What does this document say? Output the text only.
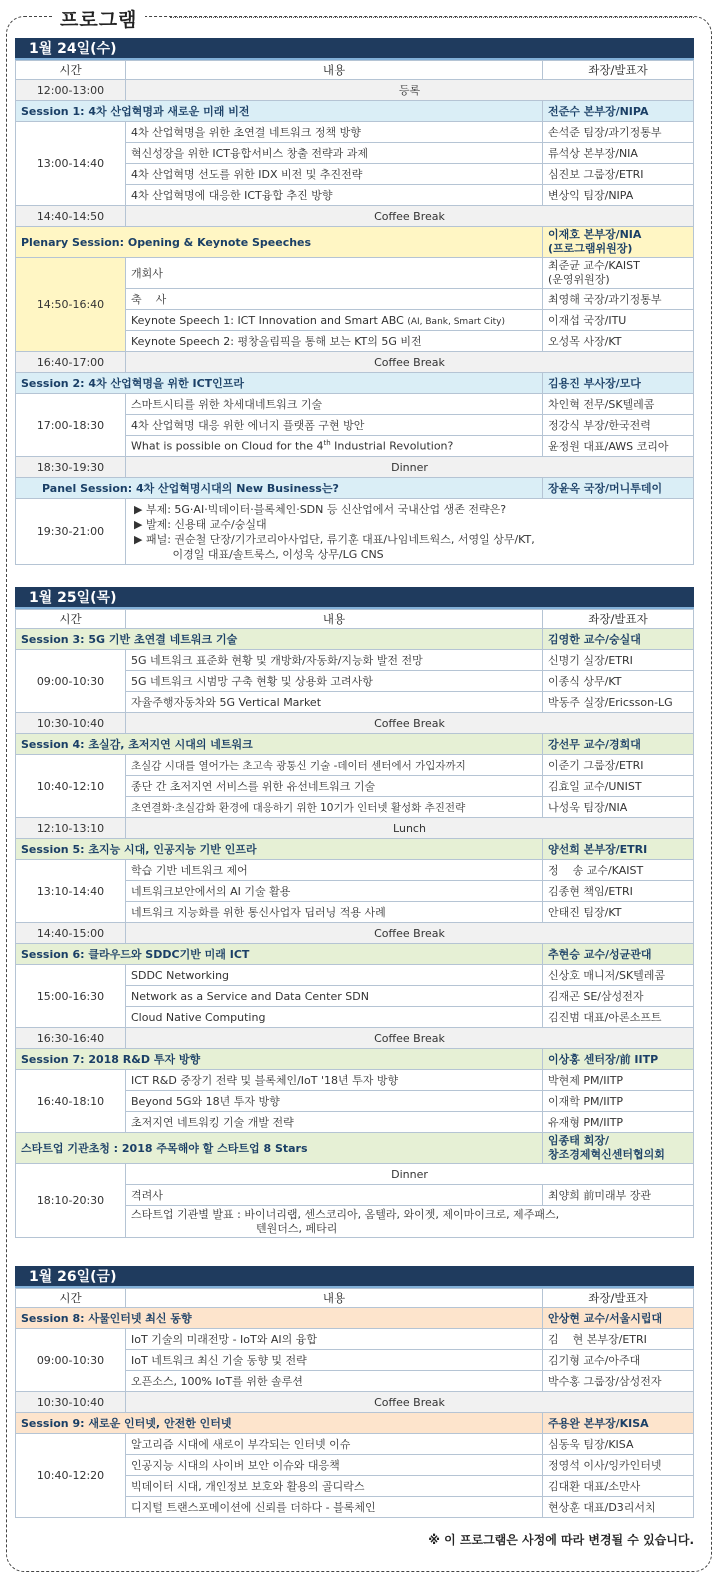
프로그램
1월 24일(수)
시간	내용	좌장/발표자
12:00-13:00	등록	
Session 1: 4차 산업혁명과 새로운 미래 비전		전준수 본부장/NIPA
13:00-14:40	4차 산업혁명을 위한 초연결 네트워크 정책 방향	손석준 팀장/과기정통부
	혁신성장을 위한 ICT융합서비스 창출 전략과 과제	류석상 본부장/NIA
	4차 산업혁명 선도를 위한 IDX 비전 및 추진전략	심진보 그룹장/ETRI
	4차 산업혁명에 대응한 ICT융합 추진 방향	변상익 팀장/NIPA
14:40-14:50	Coffee Break	
Plenary Session: Opening & Keynote Speeches		이재호 본부장/NIA
(프로그램위원장)

14:50-16:40	개회사	최준균 교수/KAIST
(운영위원장)

	축    사	최영해 국장/과기정통부
	Keynote Speech 1: ICT Innovation and Smart ABC (AI, Bank, Smart City)	이재섭 국장/ITU
	Keynote Speech 2: 평창올림픽을 통해 보는 KT의 5G 비전	오성목 사장/KT
16:40-17:00	Coffee Break	
Session 2: 4차 산업혁명을 위한 ICT인프라		김용진 부사장/모다
17:00-18:30	스마트시티를 위한 차세대네트워크 기술	차인혁 전무/SK텔레콤
	4차 산업혁명 대응 위한 에너지 플랫폼 구현 방안	정강식 부장/한국전력
	What is possible on Cloud for the 4th Industrial Revolution?	윤정원 대표/AWS 코리아
18:30-19:30	Dinner	
Panel Session: 4차 산업혁명시대의 New Business는?		장윤옥 국장/머니투데이
19:30-21:00	▶ 부제: 5G·AI·빅데이터·블록체인·SDN 등 신산업에서 국내산업 생존 전략은?
▶ 발제: 신용태 교수/숭실대
▶ 패널: 권순철 단장/기가코리아사업단, 류기훈 대표/나임네트웍스, 서영일 상무/KT,
이경일 대표/솔트룩스, 이성욱 상무/LG CNS	
1월 25일(목)
시간	내용	좌장/발표자
Session 3: 5G 기반 초연결 네트워크 기술		김영한 교수/숭실대
09:00-10:30	5G 네트워크 표준화 현황 및 개방화/자동화/지능화 발전 전망	신명기 실장/ETRI
	5G 네트워크 시범망 구축 현황 및 상용화 고려사항	이종식 상무/KT
	자율주행자동차와 5G Vertical Market	박동주 실장/Ericsson-LG
10:30-10:40	Coffee Break	
Session 4: 초실감, 초저지연 시대의 네트워크		강선무 교수/경희대
10:40-12:10	초실감 시대를 열어가는 초고속 광통신 기술 -데이터 센터에서 가입자까지	이준기 그룹장/ETRI
	종단 간 초저지연 서비스를 위한 유선네트워크 기술	김효일 교수/UNIST
	초연결화·초실감화 환경에 대응하기 위한 10기가 인터넷 활성화 추진전략	나성욱 팀장/NIA
12:10-13:10	Lunch	
Session 5: 초지능 시대, 인공지능 기반 인프라		양선희 본부장/ETRI
13:10-14:40	학습 기반 네트워크 제어	정    송 교수/KAIST
	네트워크보안에서의 AI 기술 활용	김종현 책임/ETRI
	네트워크 지능화를 위한 통신사업자 딥러닝 적용 사례	안태진 팀장/KT
14:40-15:00	Coffee Break	
Session 6: 클라우드와 SDDC기반 미래 ICT		추현승 교수/성균관대
15:00-16:30	SDDC Networking	신상호 매니저/SK텔레콤
	Network as a Service and Data Center SDN	김재곤 SE/삼성전자
	Cloud Native Computing	김진범 대표/아론소프트
16:30-16:40	Coffee Break	
Session 7: 2018 R&D 투자 방향		이상홍 센터장/前 IITP
16:40-18:10	ICT R&D 중장기 전략 및 블록체인/IoT '18년 투자 방향	박현제 PM/IITP
	Beyond 5G와 18년 투자 방향	이재학 PM/IITP
	초저지연 네트워킹 기술 개발 전략	유재형 PM/IITP
스타트업 기관초청 : 2018 주목해야 할 스타트업 8 Stars		임종태 회장/
창조경제혁신센터협의회

18:10-20:30	Dinner	
	격려사	최양희 前미래부 장관

	스타트업 기관별 발표 : 바이너리랩, 센스코리아, 옴텔라, 와이젯, 제이마이크로, 제주패스,
텐원더스, 페타리	
1월 26일(금)
시간	내용	좌장/발표자
Session 8: 사물인터넷 최신 동향		안상현 교수/서울시립대
09:00-10:30	IoT 기술의 미래전망 - IoT와 AI의 융합	김    현 본부장/ETRI
	IoT 네트워크 최신 기술 동향 및 전략	김기형 교수/아주대
	오픈소스, 100% IoT를 위한 솔루션	박수홍 그룹장/삼성전자
10:30-10:40	Coffee Break	
Session 9: 새로운 인터넷, 안전한 인터넷		주용완 본부장/KISA
10:40-12:20	알고리즘 시대에 새로이 부각되는 인터넷 이슈	심동욱 팀장/KISA
	인공지능 시대의 사이버 보안 이슈와 대응책	정영석 이사/잉카인터넷
	빅데이터 시대, 개인정보 보호와 활용의 골디락스	김대환 대표/소만사
	디지털 트랜스포메이션에 신뢰를 더하다 - 블록체인	현상훈 대표/D3리서치
※ 이 프로그램은 사정에 따라 변경될 수 있습니다.
